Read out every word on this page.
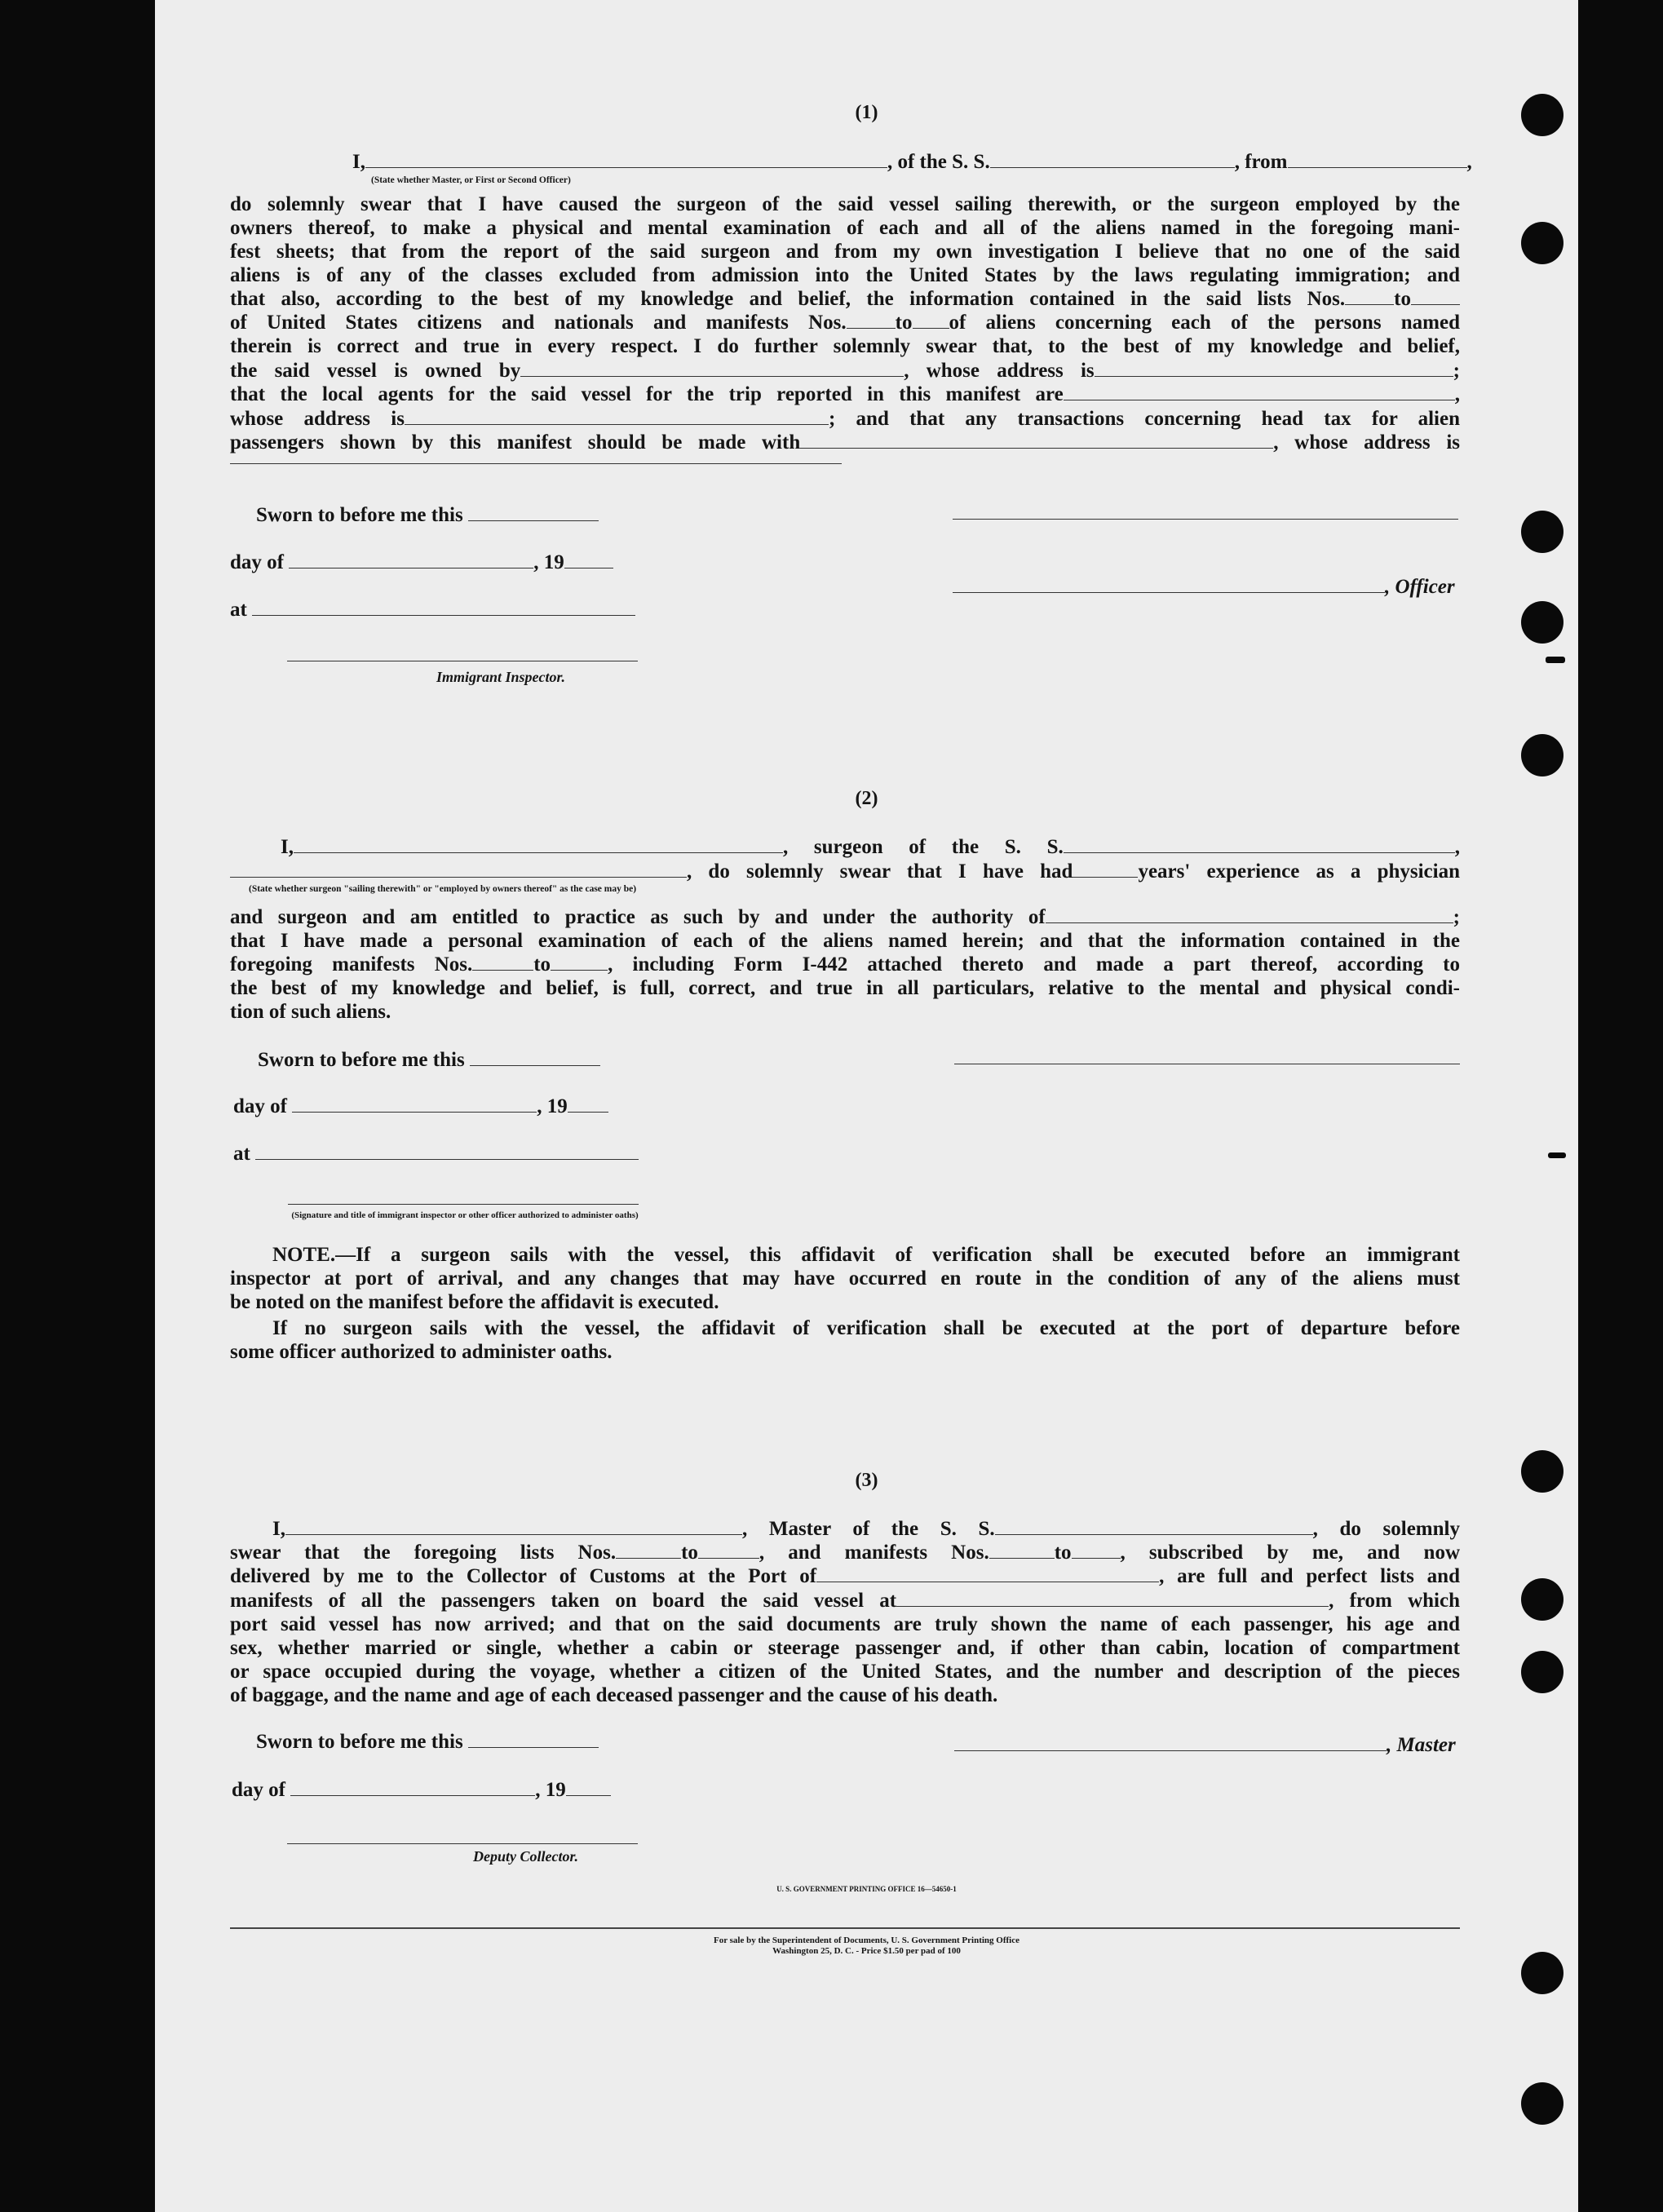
(1)
I,	, of the S. S.	, from	,
(State whether Master, or First or Second Officer)
do solemnly swear that I have caused the surgeon of the said vessel sailing therewith, or the surgeon employed by the
owners thereof, to make a physical and mental examination of each and all of the aliens named in the foregoing mani-
fest sheets; that from the report of the said surgeon and from my own investigation I believe that no one of the said
aliens is of any of the classes excluded from admission into the United States by the laws regulating immigration; and
that also, according to the best of my knowledge and belief, the information contained in the said lists Nos. to
of United States citizens and nationals and manifests Nos. to of aliens concerning each of the persons named
therein is correct and true in every respect. I do further solemnly swear that, to the best of my knowledge and belief,
the said vessel is owned by	, whose address is	;
that the local agents for the said vessel for the trip reported in this manifest are	,
whose address is	; and that any transactions concerning head tax for alien
passengers shown by this manifest should be made with	, whose address is
Sworn to before me this
day of	, 19
, Officer
at
Immigrant Inspector.
(2)
I,	, surgeon of the S. S.	,
, do solemnly swear that I have had	years' experience as a physician
(State whether surgeon "sailing therewith" or "employed by owners thereof" as the case may be)
and surgeon and am entitled to practice as such by and under the authority of	;
that I have made a personal examination of each of the aliens named herein; and that the information contained in the
foregoing manifests Nos.	to	, including Form I-442 attached thereto and made a part thereof, according to
the best of my knowledge and belief, is full, correct, and true in all particulars, relative to the mental and physical condi-
tion of such aliens.
Sworn to before me this
day of	, 19
at
(Signature and title of immigrant inspector or other officer authorized to administer oaths)
NOTE.—If a surgeon sails with the vessel, this affidavit of verification shall be executed before an immigrant
inspector at port of arrival, and any changes that may have occurred en route in the condition of any of the aliens must
be noted on the manifest before the affidavit is executed.
If no surgeon sails with the vessel, the affidavit of verification shall be executed at the port of departure before
some officer authorized to administer oaths.
(3)
I,	, Master of the S. S.	, do solemnly
swear that the foregoing lists Nos.	to	, and manifests Nos.	to , subscribed by me, and now
delivered by me to the Collector of Customs at the Port of	, are full and perfect lists and
manifests of all the passengers taken on board the said vessel at	, from which
port said vessel has now arrived; and that on the said documents are truly shown the name of each passenger, his age and
sex, whether married or single, whether a cabin or steerage passenger and, if other than cabin, location of compartment
or space occupied during the voyage, whether a citizen of the United States, and the number and description of the pieces
of baggage, and the name and age of each deceased passenger and the cause of his death.
Sworn to before me this	, Master
day of	, 19
Deputy Collector.
U. S. GOVERNMENT PRINTING OFFICE 16—54650-1
For sale by the Superintendent of Documents, U. S. Government Printing Office
Washington 25, D. C. - Price $1.50 per pad of 100
